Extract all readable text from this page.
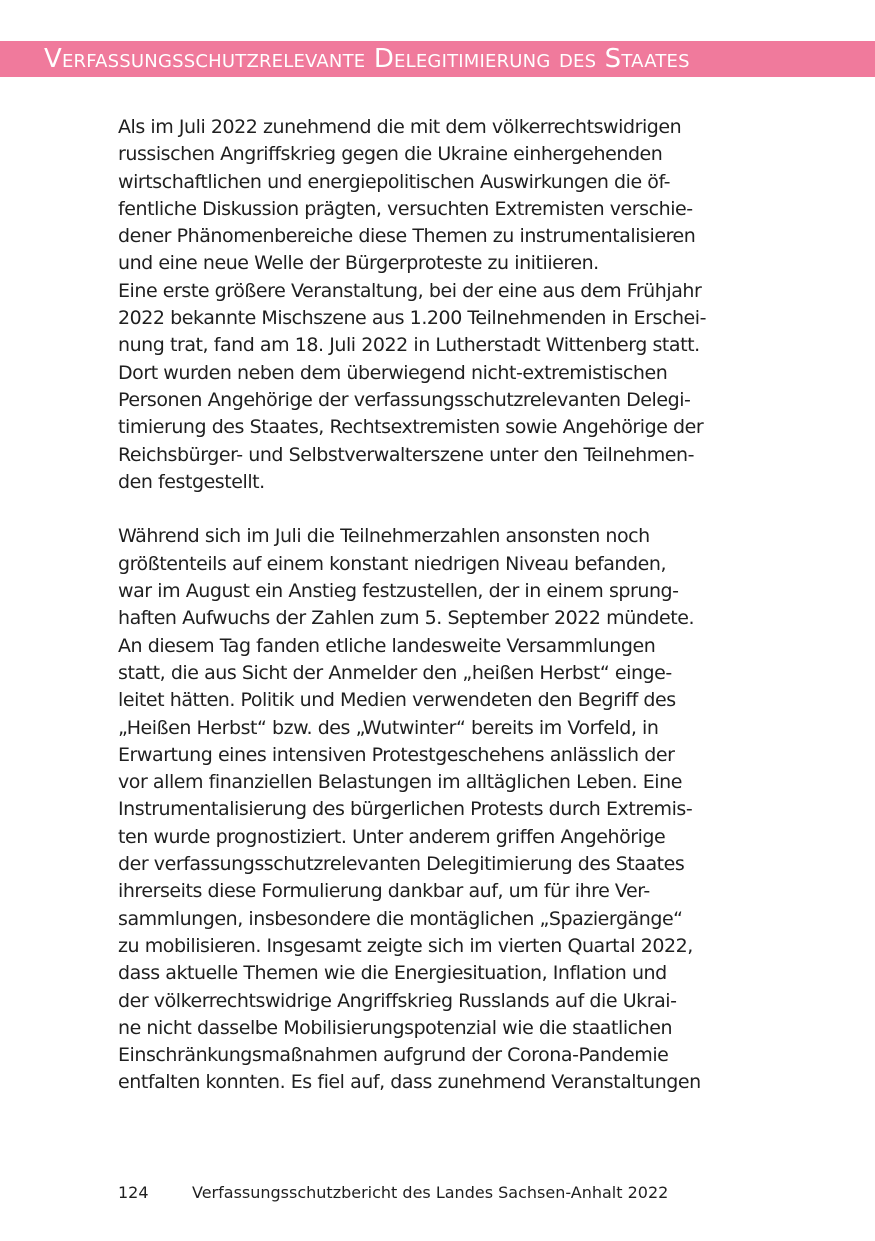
Verfassungsschutzrelevante Delegitimierung des Staates
Als im Juli 2022 zunehmend die mit dem völkerrechtswidrigen
russischen Angriffskrieg gegen die Ukraine einhergehenden
wirtschaftlichen und energiepolitischen Auswirkungen die öf-
fentliche Diskussion prägten, versuchten Extremisten verschie-
dener Phänomenbereiche diese Themen zu instrumentalisieren
und eine neue Welle der Bürgerproteste zu initiieren.
Eine erste größere Veranstaltung, bei der eine aus dem Frühjahr
2022 bekannte Mischszene aus 1.200 Teilnehmenden in Erschei-
nung trat, fand am 18. Juli 2022 in Lutherstadt Wittenberg statt.
Dort wurden neben dem überwiegend nicht-extremistischen
Personen Angehörige der verfassungsschutzrelevanten Delegi-
timierung des Staates, Rechtsextremisten sowie Angehörige der
Reichsbürger- und Selbstverwalterszene unter den Teilnehmen-
den festgestellt.
Während sich im Juli die Teilnehmerzahlen ansonsten noch
größtenteils auf einem konstant niedrigen Niveau befanden,
war im August ein Anstieg festzustellen, der in einem sprung-
haften Aufwuchs der Zahlen zum 5. September 2022 mündete.
An diesem Tag fanden etliche landesweite Versammlungen
statt, die aus Sicht der Anmelder den „heißen Herbst“ einge-
leitet hätten. Politik und Medien verwendeten den Begriff des
„Heißen Herbst“ bzw. des „Wutwinter“ bereits im Vorfeld, in
Erwartung eines intensiven Protestgeschehens anlässlich der
vor allem finanziellen Belastungen im alltäglichen Leben. Eine
Instrumentalisierung des bürgerlichen Protests durch Extremis-
ten wurde prognostiziert. Unter anderem griffen Angehörige
der verfassungsschutzrelevanten Delegitimierung des Staates
ihrerseits diese Formulierung dankbar auf, um für ihre Ver-
sammlungen, insbesondere die montäglichen „Spaziergänge“
zu mobilisieren. Insgesamt zeigte sich im vierten Quartal 2022,
dass aktuelle Themen wie die Energiesituation, Inflation und
der völkerrechtswidrige Angriffskrieg Russlands auf die Ukrai-
ne nicht dasselbe Mobilisierungspotenzial wie die staatlichen
Einschränkungsmaßnahmen aufgrund der Corona-Pandemie
entfalten konnten. Es fiel auf, dass zunehmend Veranstaltungen
124	Verfassungsschutzbericht des Landes Sachsen-Anhalt 2022
